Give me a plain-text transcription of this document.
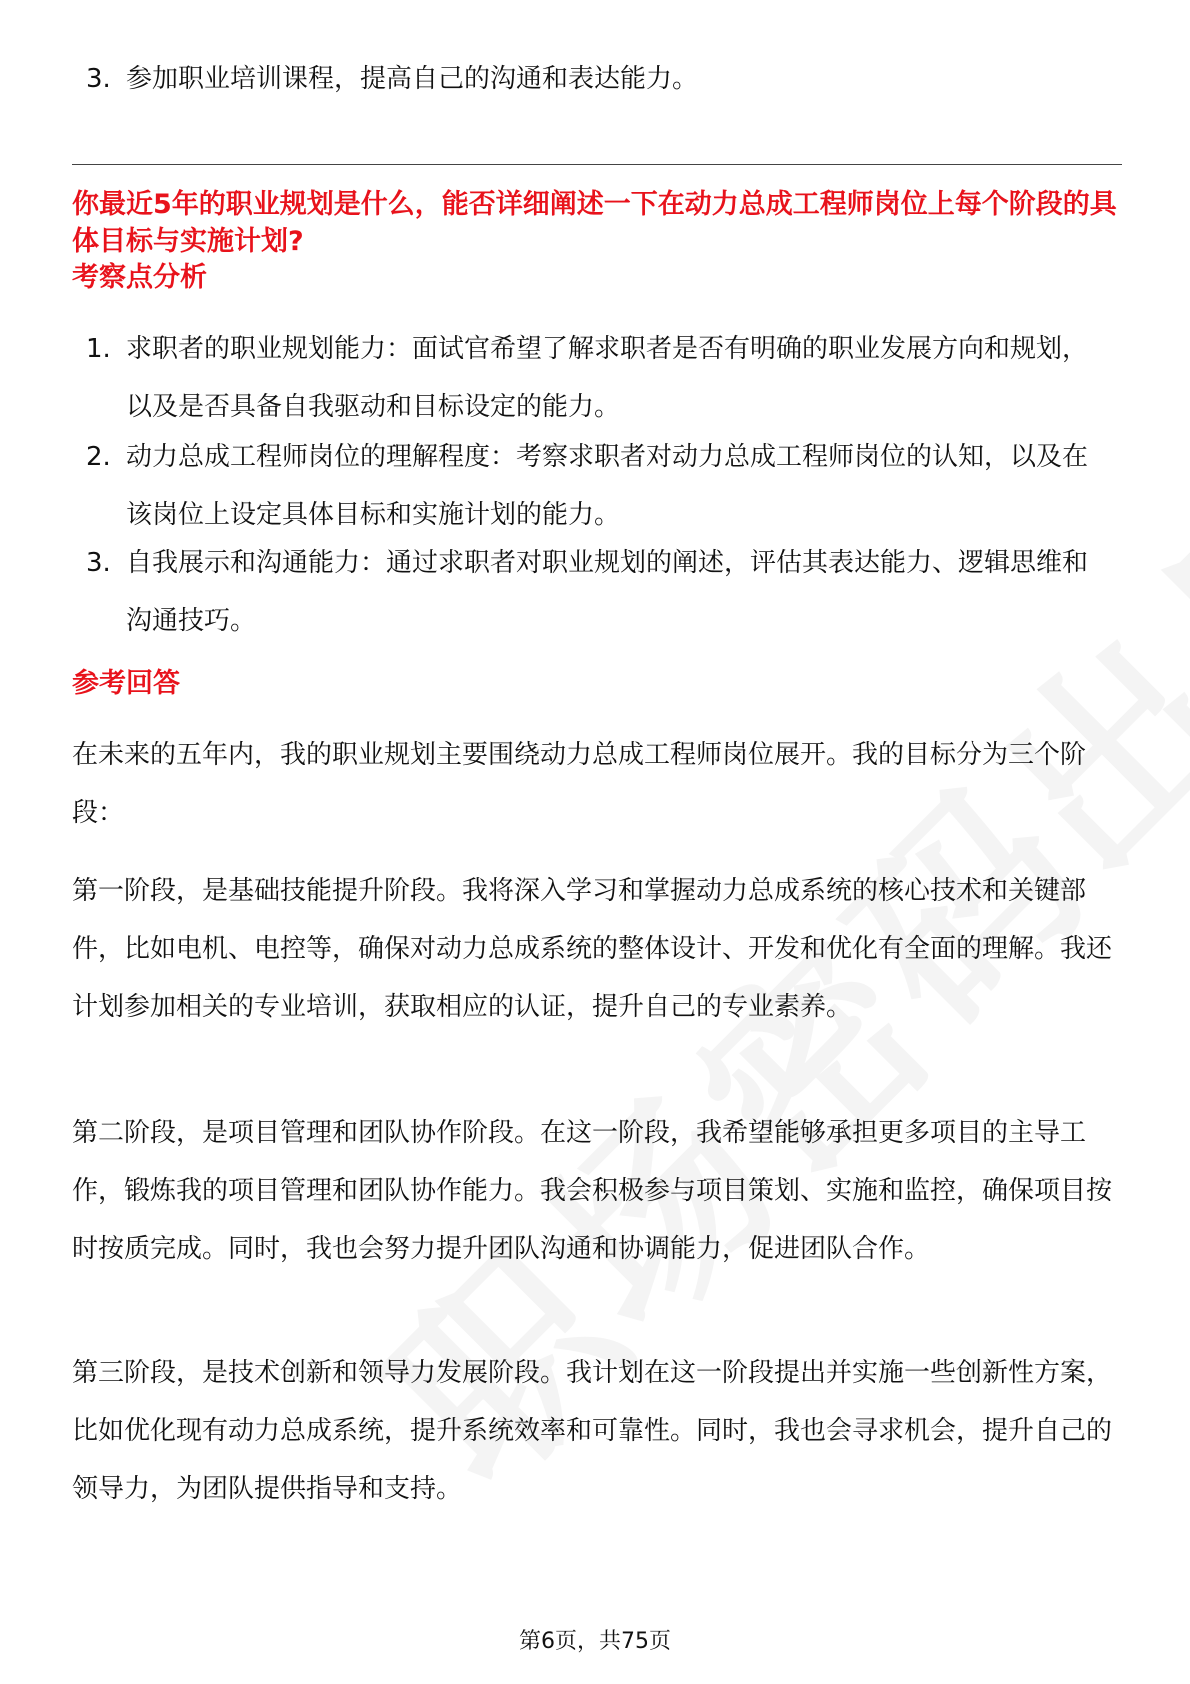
3. 参加职业培训课程，提高自己的沟通和表达能力。
你最近5年的职业规划是什么，能否详细阐述一下在动力总成工程师岗位上每个阶段的具体目标与实施计划?
考察点分析
1. 求职者的职业规划能力：面试官希望了解求职者是否有明确的职业发展方向和规划，以及是否具备自我驱动和目标设定的能力。
2. 动力总成工程师岗位的理解程度：考察求职者对动力总成工程师岗位的认知，以及在该岗位上设定具体目标和实施计划的能力。
3. 自我展示和沟通能力：通过求职者对职业规划的阐述，评估其表达能力、逻辑思维和沟通技巧。
参考回答
在未来的五年内，我的职业规划主要围绕动力总成工程师岗位展开。我的目标分为三个阶段：
第一阶段，是基础技能提升阶段。我将深入学习和掌握动力总成系统的核心技术和关键部件，比如电机、电控等，确保对动力总成系统的整体设计、开发和优化有全面的理解。我还计划参加相关的专业培训，获取相应的认证，提升自己的专业素养。
第二阶段，是项目管理和团队协作阶段。在这一阶段，我希望能够承担更多项目的主导工作，锻炼我的项目管理和团队协作能力。我会积极参与项目策划、实施和监控，确保项目按时按质完成。同时，我也会努力提升团队沟通和协调能力，促进团队合作。
第三阶段，是技术创新和领导力发展阶段。我计划在这一阶段提出并实施一些创新性方案，比如优化现有动力总成系统，提升系统效率和可靠性。同时，我也会寻求机会，提升自己的领导力，为团队提供指导和支持。
第6页，共75页
